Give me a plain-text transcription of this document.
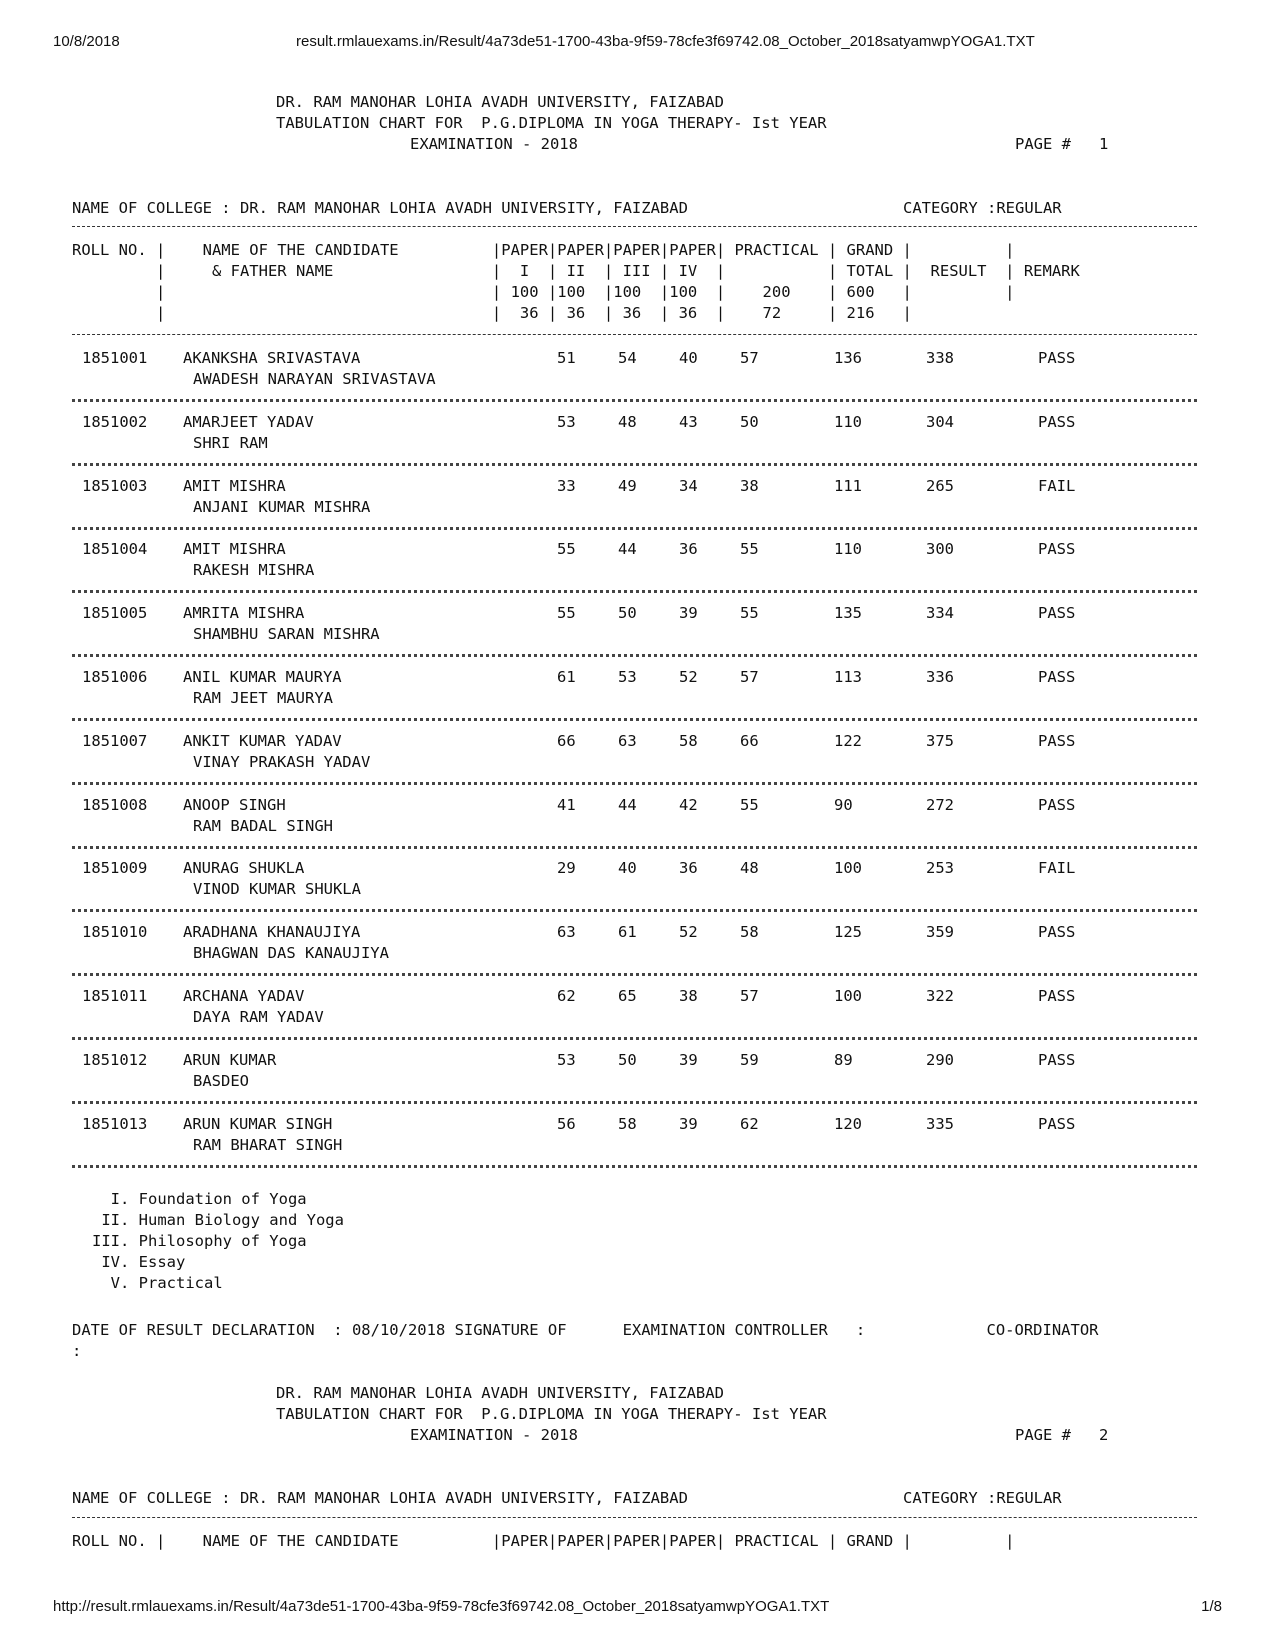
10/8/2018	result.rmlauexams.in/Result/4a73de51-1700-43ba-9f59-78cfe3f69742.08_October_2018satyamwpYOGA1.TXT
DR. RAM MANOHAR LOHIA AVADH UNIVERSITY, FAIZABAD
TABULATION CHART FOR  P.G.DIPLOMA IN YOGA THERAPY- Ist YEAR
EXAMINATION - 2018	PAGE #   1
NAME OF COLLEGE : DR. RAM MANOHAR LOHIA AVADH UNIVERSITY, FAIZABAD	CATEGORY :REGULAR
ROLL NO. |    NAME OF THE CANDIDATE          |PAPER|PAPER|PAPER|PAPER| PRACTICAL | GRAND |          |
|     & FATHER NAME                 |  I  | II  | III | IV  |           | TOTAL |  RESULT  | REMARK
|                                   | 100 |100  |100  |100  |    200    | 600   |          |
|                                   |  36 | 36  | 36  | 36  |    72     | 216   |
1851001 AKANKSHA SRIVASTAVA	51	54	40	57	136	338	PASS
AWADESH NARAYAN SRIVASTAVA
1851002 AMARJEET YADAV	53	48	43	50	110	304	PASS
SHRI RAM
1851003 AMIT MISHRA	33	49	34	38	111	265	FAIL
ANJANI KUMAR MISHRA
1851004 AMIT MISHRA	55	44	36	55	110	300	PASS
RAKESH MISHRA
1851005 AMRITA MISHRA	55	50	39	55	135	334	PASS
SHAMBHU SARAN MISHRA
1851006 ANIL KUMAR MAURYA	61	53	52	57	113	336	PASS
RAM JEET MAURYA
1851007 ANKIT KUMAR YADAV	66	63	58	66	122	375	PASS
VINAY PRAKASH YADAV
1851008 ANOOP SINGH	41	44	42	55	90	272	PASS
RAM BADAL SINGH
1851009 ANURAG SHUKLA	29	40	36	48	100	253	FAIL
VINOD KUMAR SHUKLA
1851010 ARADHANA KHANAUJIYA	63	61	52	58	125	359	PASS
BHAGWAN DAS KANAUJIYA
1851011 ARCHANA YADAV	62	65	38	57	100	322	PASS
DAYA RAM YADAV
1851012 ARUN KUMAR	53	50	39	59	89	290	PASS
BASDEO
1851013 ARUN KUMAR SINGH	56	58	39	62	120	335	PASS
RAM BHARAT SINGH
I. Foundation of Yoga
II. Human Biology and Yoga
III. Philosophy of Yoga
IV. Essay
V. Practical
DATE OF RESULT DECLARATION  : 08/10/2018 SIGNATURE OF      EXAMINATION CONTROLLER   :             CO-ORDINATOR
:
DR. RAM MANOHAR LOHIA AVADH UNIVERSITY, FAIZABAD
TABULATION CHART FOR  P.G.DIPLOMA IN YOGA THERAPY- Ist YEAR
EXAMINATION - 2018	PAGE #   2
NAME OF COLLEGE : DR. RAM MANOHAR LOHIA AVADH UNIVERSITY, FAIZABAD	CATEGORY :REGULAR
ROLL NO. |    NAME OF THE CANDIDATE          |PAPER|PAPER|PAPER|PAPER| PRACTICAL | GRAND |          |
http://result.rmlauexams.in/Result/4a73de51-1700-43ba-9f59-78cfe3f69742.08_October_2018satyamwpYOGA1.TXT	1/8
